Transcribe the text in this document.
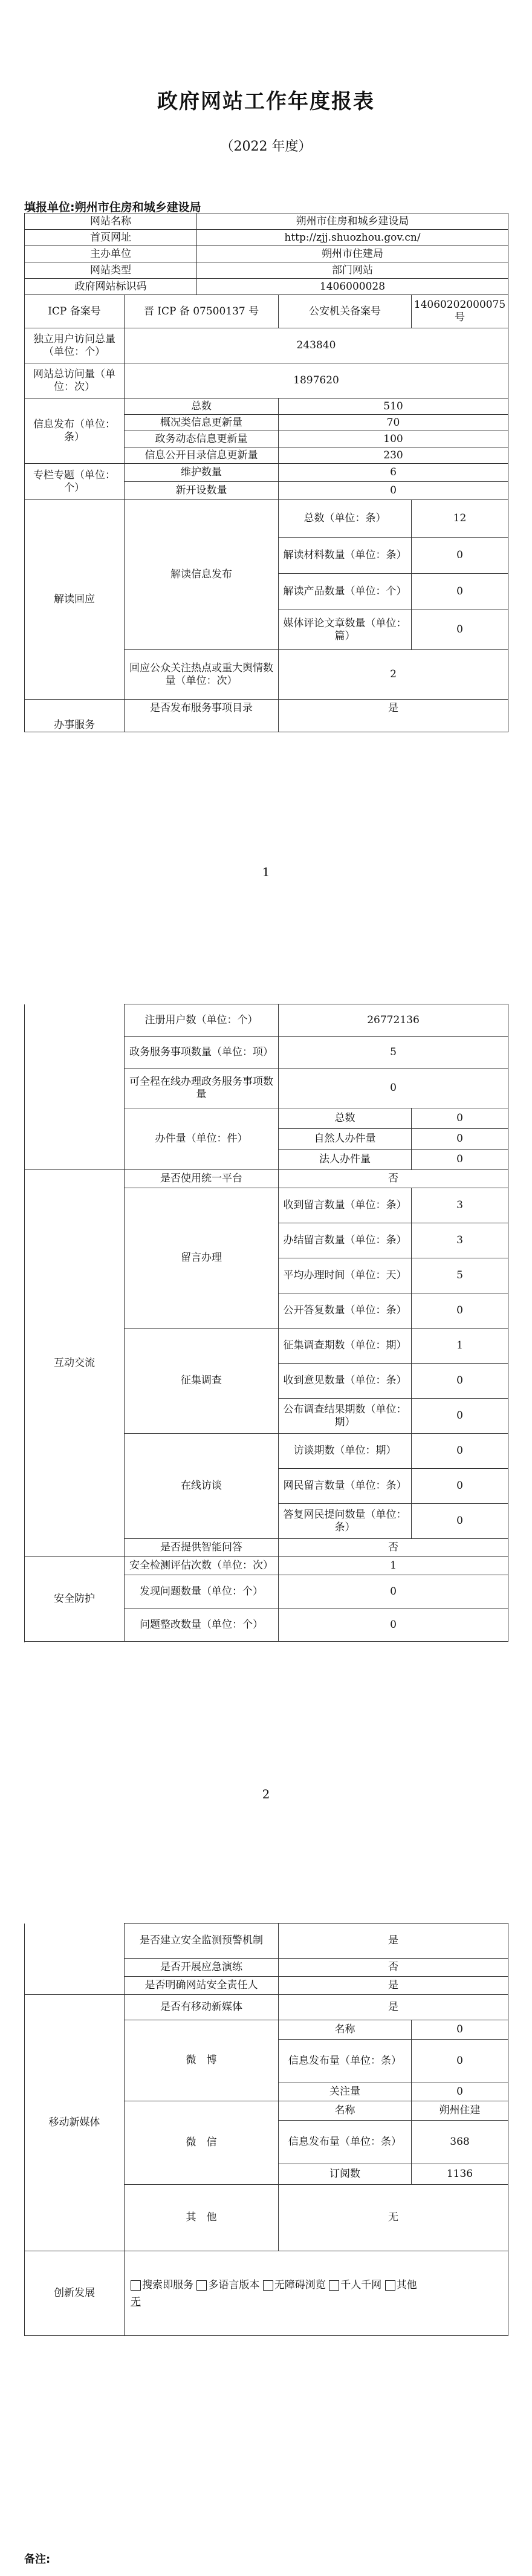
政府网站工作年度报表
（2022 年度）
填报单位:朔州市住房和城乡建设局
网站名称		朔州市住房和城乡建设局		
首页网址		http://zjj.shuozhou.gov.cn/		
主办单位		朔州市住建局		
网站类型		部门网站		
政府网站标识码		1406000028		
ICP 备案号	晋 ICP 备 07500137 号		公安机关备案号	14060202000075 号
独立用户访问总量（单位：个）	243840			
网站总访问量（单位：次）	1897620			
信息发布（单位：条）	总数		510	
	概况类信息更新量		70	
	政务动态信息更新量		100	
	信息公开目录信息更新量		230	
专栏专题（单位：个）	维护数量		6	
	新开设数量		0	
解读回应	解读信息发布		总数（单位：条）	12
			解读材料数量（单位：条）	0
			解读产品数量（单位：个）	0
			媒体评论文章数量（单位：篇）	0
	回应公众关注热点或重大舆情数量（单位：次）		2	
办事服务	是否发布服务事项目录		是	
1
	注册用户数（单位：个）	26772136	
	政务服务事项数量（单位：项）	5	
	可全程在线办理政务服务事项数量	0	
	办件量（单位：件）	总数	0
		自然人办件量	0
		法人办件量	0

互动交流	是否使用统一平台	否	
	留言办理	收到留言数量（单位：条）	3
		办结留言数量（单位：条）	3
		平均办理时间（单位：天）	5
		公开答复数量（单位：条）	0
	征集调查	征集调查期数（单位：期）	1
		收到意见数量（单位：条）	0
		公布调查结果期数（单位：期）	0
	在线访谈	访谈期数（单位：期）	0
		网民留言数量（单位：条）	0
		答复网民提问数量（单位：条）	0
	是否提供智能问答	否	

安全防护	安全检测评估次数（单位：次）	1	
	发现问题数量（单位：个）	0	
	问题整改数量（单位：个）	0	

2
	是否建立安全监测预警机制	是	
	是否开展应急演练	否	
	是否明确网站安全责任人	是	
移动新媒体	是否有移动新媒体	是	
	微　博	名称	0
		信息发布量（单位：条）	0
		关注量	0
	微　信	名称	朔州住建
		信息发布量（单位：条）	368
		订阅数	1136
	其　他	无	
创新发展	搜索即服务 多语言版本 无障碍浏览 千人千网 其他
无		
备注:
